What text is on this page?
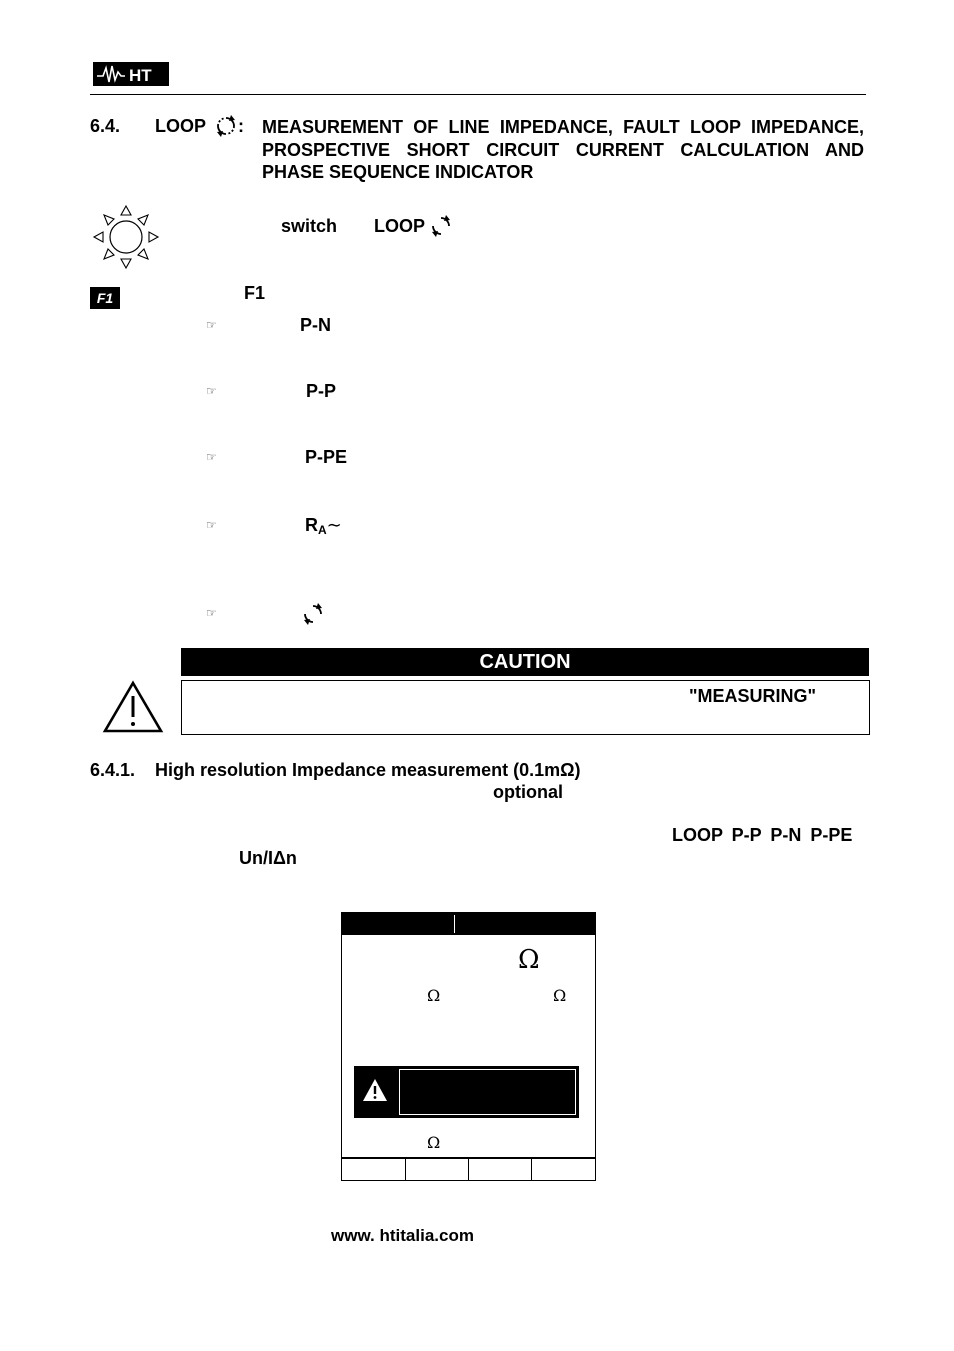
HT
6.4. LOOP : MEASUREMENT OF LINE IMPEDANCE, FAULT LOOP IMPEDANCE, PROSPECTIVE SHORT CIRCUIT CURRENT CALCULATION AND PHASE SEQUENCE INDICATOR
switch LOOP
F1	F1
☞	P-N
☞	P-P
☞	P-PE
☞	RA∼
☞
CAUTION
"MEASURING"
6.4.1. High resolution Impedance measurement (0.1mΩ)
optional
LOOP P-P P-N P-PE
Un/IΔn
Ω
Ω	Ω
Ω
www. htitalia.com
